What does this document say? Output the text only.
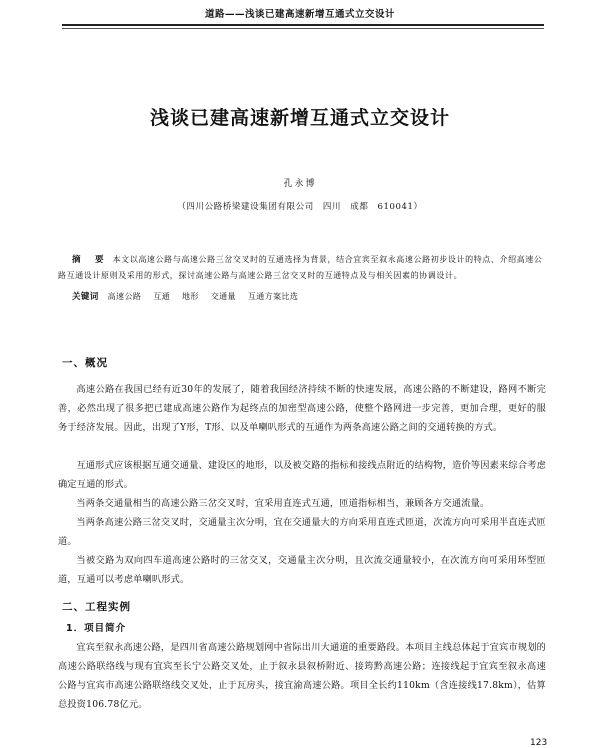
道路——浅谈已建高速新增互通式立交设计
浅谈已建高速新增互通式立交设计
孔永博
（四川公路桥梁建设集团有限公司　四川　成都　610041）

摘　要 本文以高速公路与高速公路三岔交叉时的互通选择为背景，结合宜宾至叙永高速公路初步设计的特点、介绍高速公路互通设计原则及采用的形式，探讨高速公路与高速公路三岔交叉时的互通特点及与相关因素的协调设计。

关键词 高速公路 互通 地形 交通量 互通方案比选
一、概况

高速公路在我国已经有近30年的发展了，随着我国经济持续不断的快速发展，高速公路的不断建设，路网不断完善，必然出现了很多把已建成高速公路作为起终点的加密型高速公路，使整个路网进一步完善，更加合理，更好的服务于经济发展。因此，出现了Y形，T形、以及单喇叭形式的互通作为两条高速公路之间的交通转换的方式。

互通形式应该根据互通交通量、建设区的地形，以及被交路的指标和接线点附近的结构物，造价等因素来综合考虑确定互通的形式。

当两条交通量相当的高速公路三岔交叉时，宜采用直连式互通，匝道指标相当，兼顾各方交通流量。

当两条高速公路三岔交叉时，交通量主次分明，宜在交通量大的方向采用直连式匝道，次流方向可采用半直连式匝道。

当被交路为双向四车道高速公路时的三岔交叉，交通量主次分明，且次流交通量较小，在次流方向可采用环型匝道，互通可以考虑单喇叭形式。

二、工程实例
1．项目简介

宜宾至叙永高速公路，是四川省高速公路规划网中省际出川大通道的重要路段。本项目主线总体起于宜宾市规划的高速公路联络线与现有宜宾至长宁公路交叉处，止于叙永县叙桥附近、接筠黔高速公路；连接线起于宜宾至叙永高速公路与宜宾市高速公路联络线交叉处，止于瓦房头，接宜渝高速公路。项目全长约110km（含连接线17.8km），估算总投资106.78亿元。

123
